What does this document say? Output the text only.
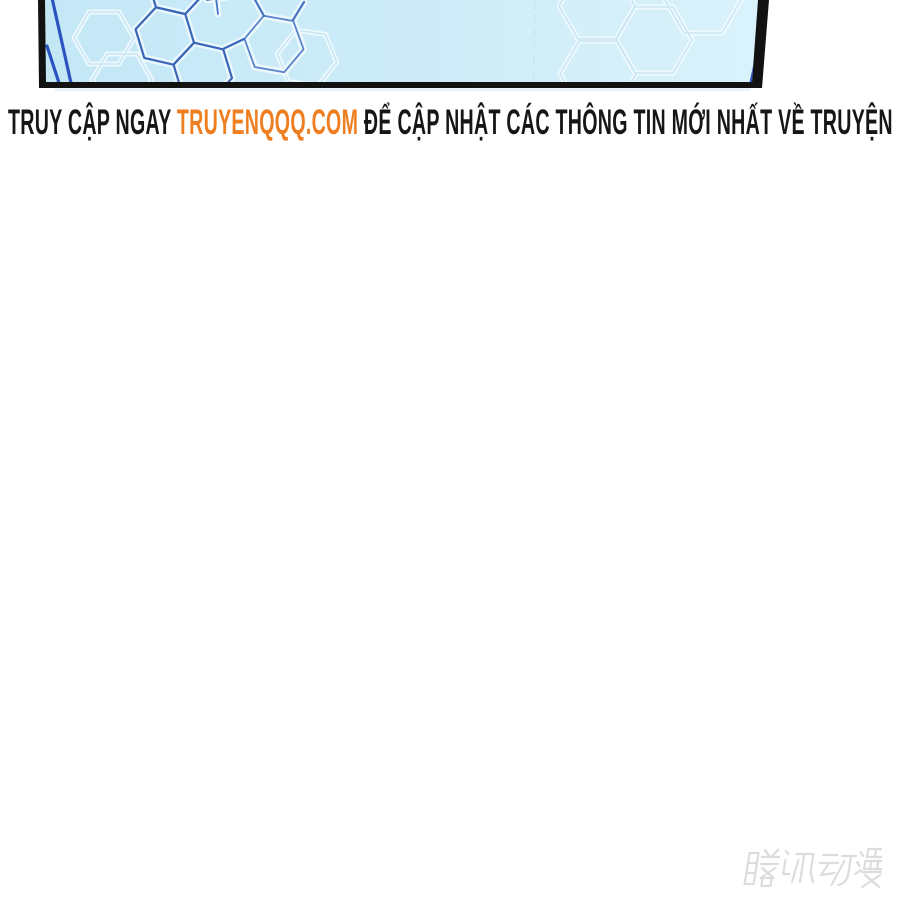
TRUY CẬP NGAY TRUYENQQQ.COM ĐỂ CẬP NHẬT CÁC THÔNG TIN MỚI NHẤT VỀ TRUYỆN
